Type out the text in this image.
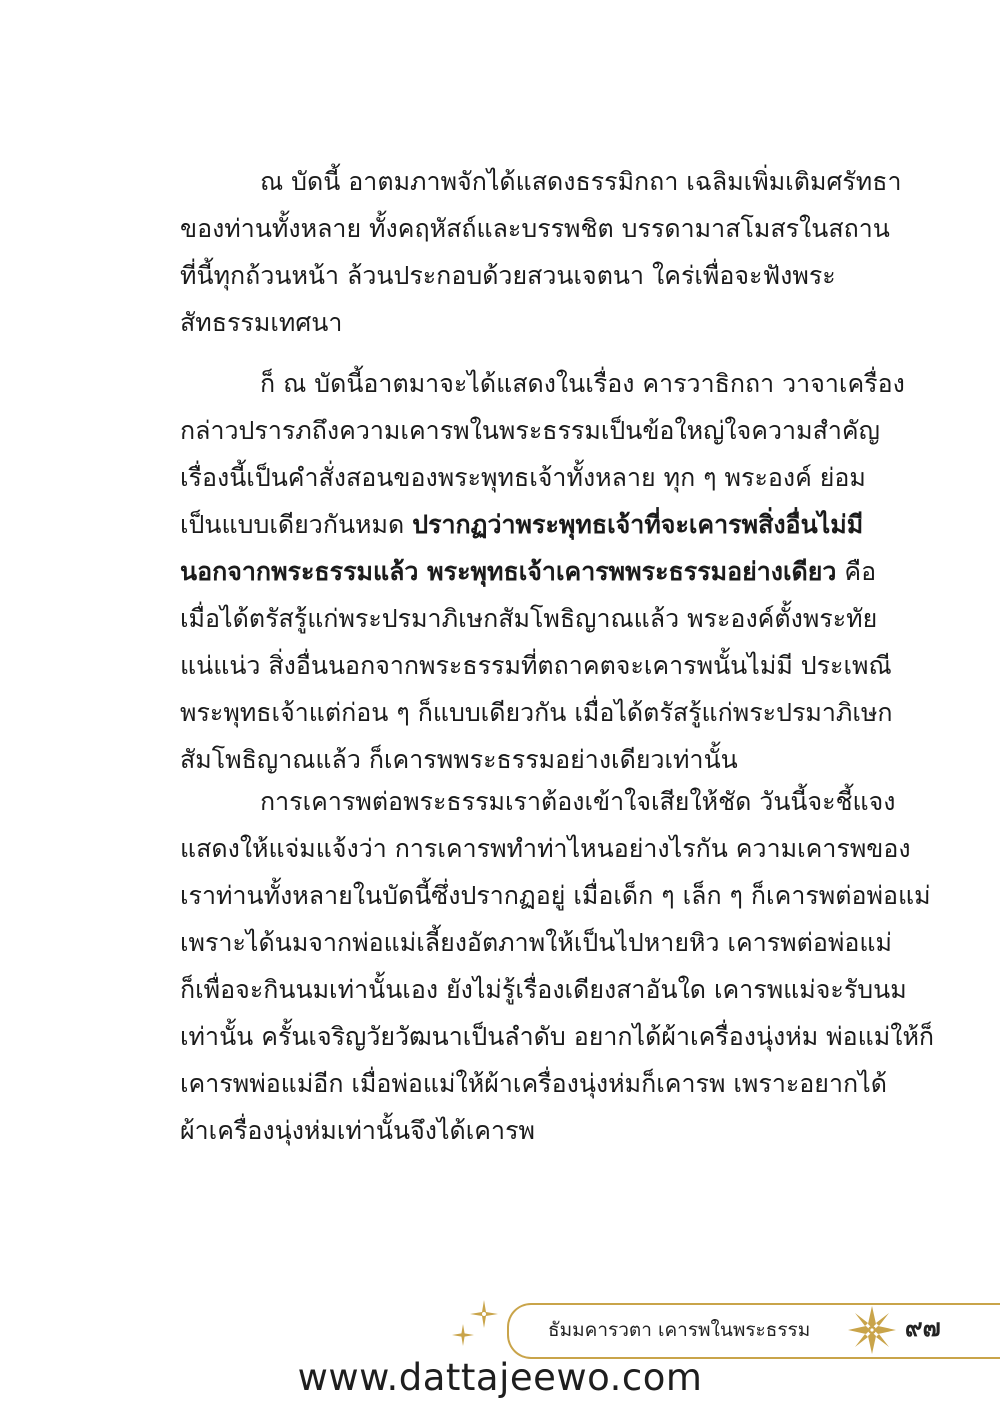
ณ บัดนี้ อาตมภาพจักได้แสดงธรรมิกถา เฉลิมเพิ่มเติมศรัทธา
ของท่านทั้งหลาย ทั้งคฤหัสถ์และบรรพชิต บรรดามาสโมสรในสถาน
ที่นี้ทุกถ้วนหน้า ล้วนประกอบด้วยสวนเจตนา ใคร่เพื่อจะฟังพระ
สัทธรรมเทศนา
ก็ ณ บัดนี้อาตมาจะได้แสดงในเรื่อง คารวาธิกถา วาจาเครื่อง
กล่าวปรารภถึงความเคารพในพระธรรมเป็นข้อใหญ่ใจความสำคัญ
เรื่องนี้เป็นคำสั่งสอนของพระพุทธเจ้าทั้งหลาย ทุก ๆ พระองค์ ย่อม
เป็นแบบเดียวกันหมด ปรากฏว่าพระพุทธเจ้าที่จะเคารพสิ่งอื่นไม่มี
นอกจากพระธรรมแล้ว พระพุทธเจ้าเคารพพระธรรมอย่างเดียว คือ
เมื่อได้ตรัสรู้แก่พระปรมาภิเษกสัมโพธิญาณแล้ว พระองค์ตั้งพระทัย
แน่แน่ว สิ่งอื่นนอกจากพระธรรมที่ตถาคตจะเคารพนั้นไม่มี ประเพณี
พระพุทธเจ้าแต่ก่อน ๆ ก็แบบเดียวกัน เมื่อได้ตรัสรู้แก่พระปรมาภิเษก
สัมโพธิญาณแล้ว ก็เคารพพระธรรมอย่างเดียวเท่านั้น
การเคารพต่อพระธรรมเราต้องเข้าใจเสียให้ชัด วันนี้จะชี้แจง
แสดงให้แจ่มแจ้งว่า การเคารพทำท่าไหนอย่างไรกัน ความเคารพของ
เราท่านทั้งหลายในบัดนี้ซึ่งปรากฏอยู่ เมื่อเด็ก ๆ เล็ก ๆ ก็เคารพต่อพ่อแม่
เพราะได้นมจากพ่อแม่เลี้ยงอัตภาพให้เป็นไปหายหิว เคารพต่อพ่อแม่
ก็เพื่อจะกินนมเท่านั้นเอง ยังไม่รู้เรื่องเดียงสาอันใด เคารพแม่จะรับนม
เท่านั้น ครั้นเจริญวัยวัฒนาเป็นลำดับ อยากได้ผ้าเครื่องนุ่งห่ม พ่อแม่ให้ก็
เคารพพ่อแม่อีก เมื่อพ่อแม่ให้ผ้าเครื่องนุ่งห่มก็เคารพ เพราะอยากได้
ผ้าเครื่องนุ่งห่มเท่านั้นจึงได้เคารพ
ธัมมคารวตา เคารพในพระธรรม	๙๗
www.dattajeewo.com
